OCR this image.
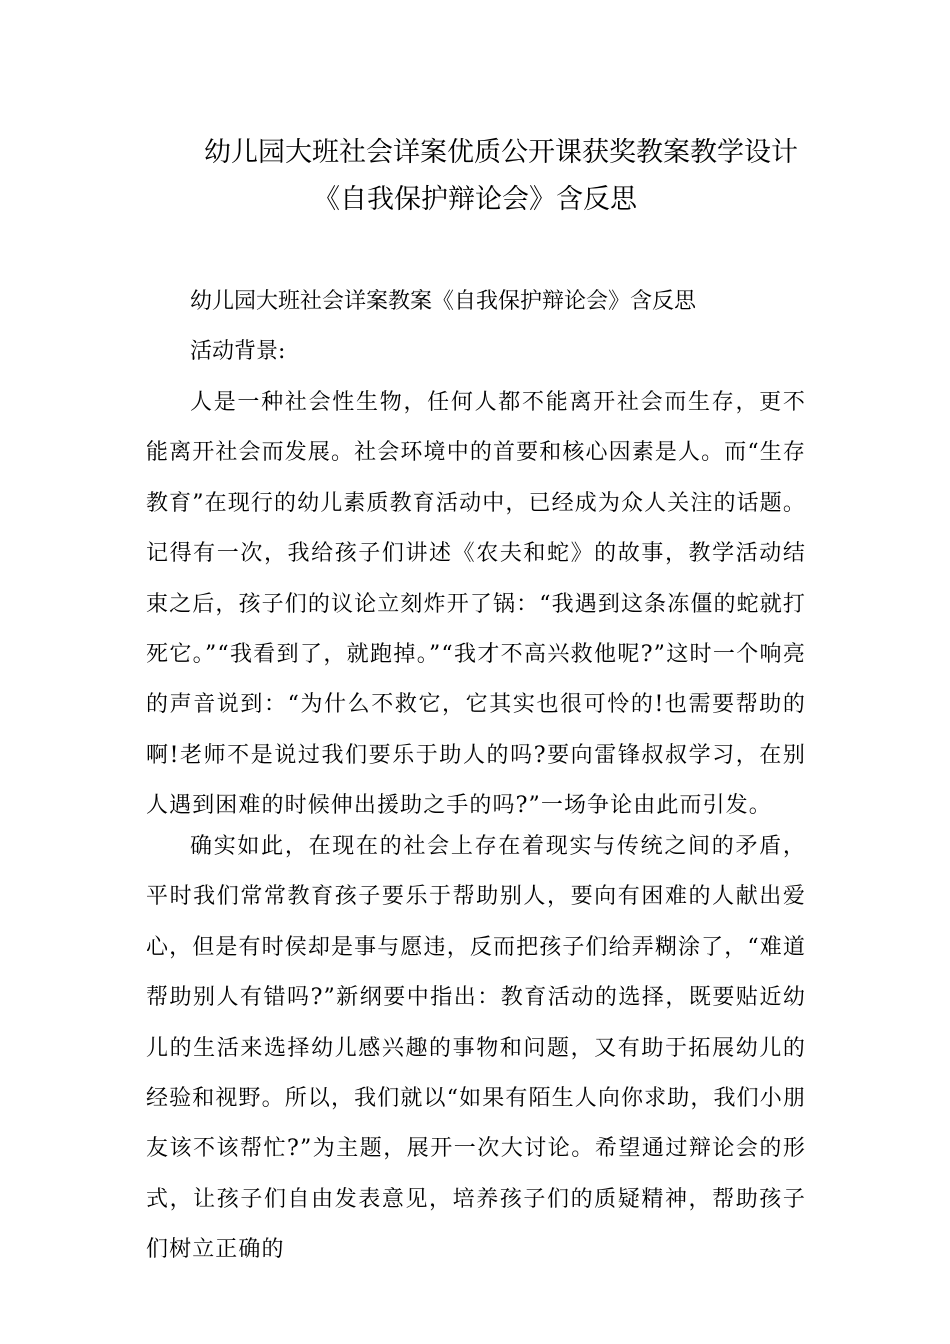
幼儿园大班社会详案优质公开课获奖教案教学设计
《自我保护辩论会》含反思
幼儿园大班社会详案教案《自我保护辩论会》含反思
活动背景:

人是一种社会性生物，任何人都不能离开社会而生存，更不能离开社会而发展。社会环境中的首要和核心因素是人。而“生存教育”在现行的幼儿素质教育活动中，已经成为众人关注的话题。记得有一次，我给孩子们讲述《农夫和蛇》的故事，教学活动结束之后，孩子们的议论立刻炸开了锅：“我遇到这条冻僵的蛇就打死它。”“我看到了，就跑掉。”“我才不高兴救他呢?”这时一个响亮的声音说到：“为什么不救它，它其实也很可怜的!也需要帮助的啊!老师不是说过我们要乐于助人的吗?要向雷锋叔叔学习，在别人遇到困难的时候伸出援助之手的吗?”一场争论由此而引发。

确实如此，在现在的社会上存在着现实与传统之间的矛盾，平时我们常常教育孩子要乐于帮助别人，要向有困难的人献出爱心，但是有时侯却是事与愿违，反而把孩子们给弄糊涂了，“难道帮助别人有错吗?”新纲要中指出：教育活动的选择，既要贴近幼儿的生活来选择幼儿感兴趣的事物和问题，又有助于拓展幼儿的经验和视野。所以，我们就以“如果有陌生人向你求助，我们小朋友该不该帮忙?”为主题，展开一次大讨论。希望通过辩论会的形式，让孩子们自由发表意见，培养孩子们的质疑精神，帮助孩子们树立正确的
